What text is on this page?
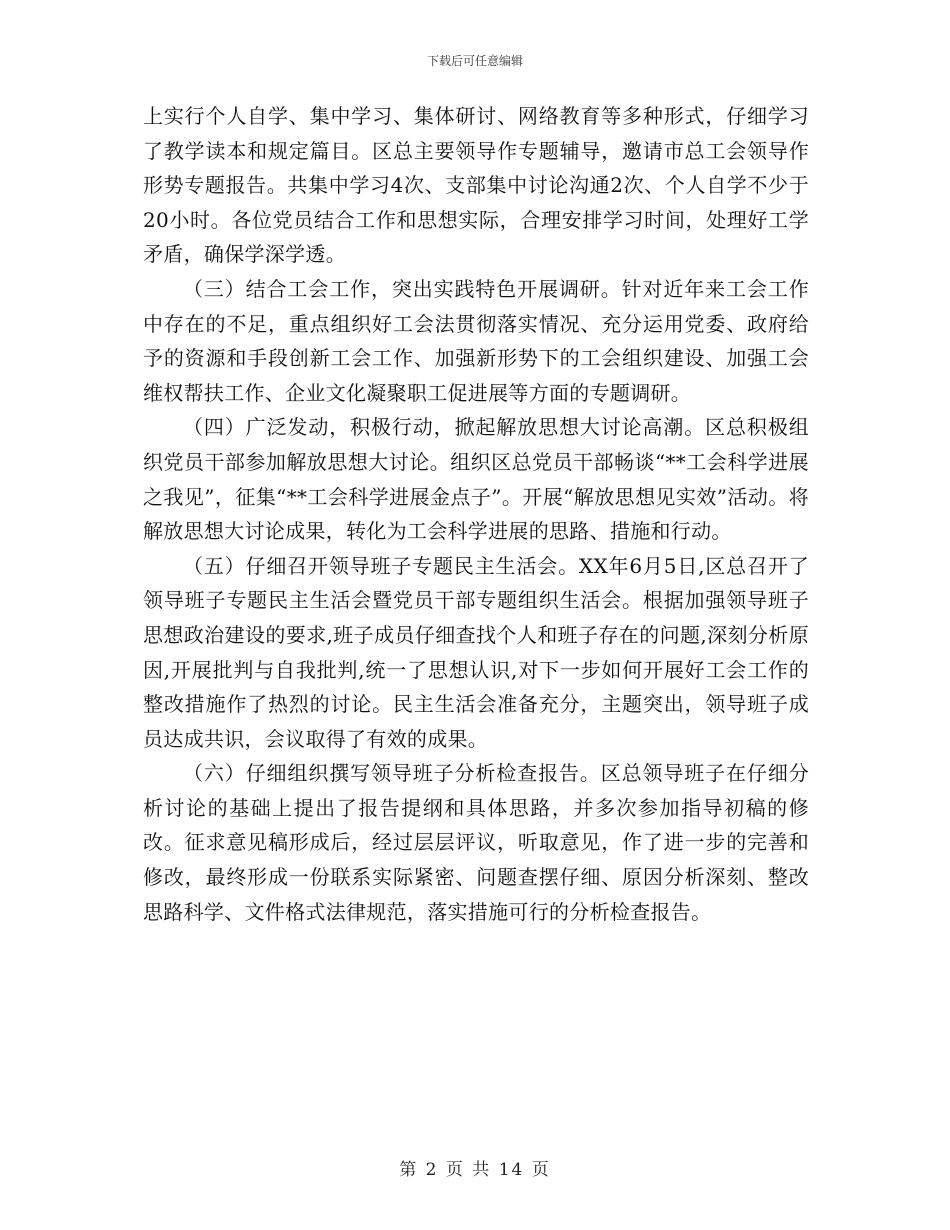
下载后可任意编辑

上实行个人自学、集中学习、集体研讨、网络教育等多种形式，仔细学习了教学读本和规定篇目。区总主要领导作专题辅导，邀请市总工会领导作形势专题报告。共集中学习4次、支部集中讨论沟通2次、个人自学不少于20小时。各位党员结合工作和思想实际，合理安排学习时间，处理好工学矛盾，确保学深学透。

（三）结合工会工作，突出实践特色开展调研。针对近年来工会工作中存在的不足，重点组织好工会法贯彻落实情况、充分运用党委、政府给予的资源和手段创新工会工作、加强新形势下的工会组织建设、加强工会维权帮扶工作、企业文化凝聚职工促进展等方面的专题调研。

（四）广泛发动，积极行动，掀起解放思想大讨论高潮。区总积极组织党员干部参加解放思想大讨论。组织区总党员干部畅谈“**工会科学进展之我见”，征集“**工会科学进展金点子”。开展“解放思想见实效”活动。将解放思想大讨论成果，转化为工会科学进展的思路、措施和行动。

（五）仔细召开领导班子专题民主生活会。XX年6月5日,区总召开了领导班子专题民主生活会暨党员干部专题组织生活会。根据加强领导班子思想政治建设的要求,班子成员仔细查找个人和班子存在的问题,深刻分析原因,开展批判与自我批判,统一了思想认识,对下一步如何开展好工会工作的整改措施作了热烈的讨论。民主生活会准备充分，主题突出，领导班子成员达成共识，会议取得了有效的成果。

（六）仔细组织撰写领导班子分析检查报告。区总领导班子在仔细分析讨论的基础上提出了报告提纲和具体思路，并多次参加指导初稿的修改。征求意见稿形成后，经过层层评议，听取意见，作了进一步的完善和修改，最终形成一份联系实际紧密、问题查摆仔细、原因分析深刻、整改思路科学、文件格式法律规范，落实措施可行的分析检查报告。

第 2 页 共 14 页
